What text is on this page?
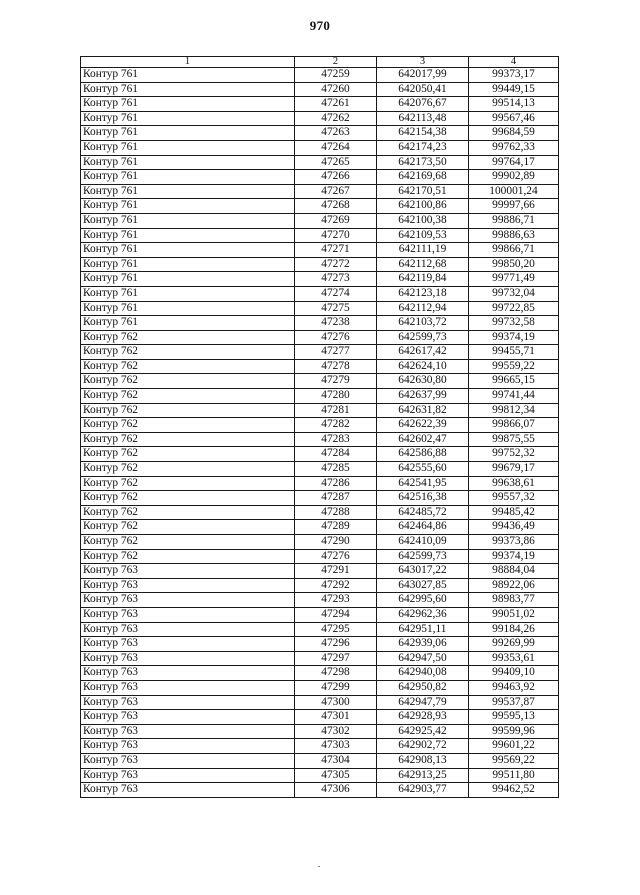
970
1	2	3	4
Контур 761	47259	642017,99	99373,17
Контур 761	47260	642050,41	99449,15
Контур 761	47261	642076,67	99514,13
Контур 761	47262	642113,48	99567,46
Контур 761	47263	642154,38	99684,59
Контур 761	47264	642174,23	99762,33
Контур 761	47265	642173,50	99764,17
Контур 761	47266	642169,68	99902,89
Контур 761	47267	642170,51	100001,24
Контур 761	47268	642100,86	99997,66
Контур 761	47269	642100,38	99886,71
Контур 761	47270	642109,53	99886,63
Контур 761	47271	642111,19	99866,71
Контур 761	47272	642112,68	99850,20
Контур 761	47273	642119,84	99771,49
Контур 761	47274	642123,18	99732,04
Контур 761	47275	642112,94	99722,85
Контур 761	47238	642103,72	99732,58
Контур 762	47276	642599,73	99374,19
Контур 762	47277	642617,42	99455,71
Контур 762	47278	642624,10	99559,22
Контур 762	47279	642630,80	99665,15
Контур 762	47280	642637,99	99741,44
Контур 762	47281	642631,82	99812,34
Контур 762	47282	642622,39	99866,07
Контур 762	47283	642602,47	99875,55
Контур 762	47284	642586,88	99752,32
Контур 762	47285	642555,60	99679,17
Контур 762	47286	642541,95	99638,61
Контур 762	47287	642516,38	99557,32
Контур 762	47288	642485,72	99485,42
Контур 762	47289	642464,86	99436,49
Контур 762	47290	642410,09	99373,86
Контур 762	47276	642599,73	99374,19
Контур 763	47291	643017,22	98884,04
Контур 763	47292	643027,85	98922,06
Контур 763	47293	642995,60	98983,77
Контур 763	47294	642962,36	99051,02
Контур 763	47295	642951,11	99184,26
Контур 763	47296	642939,06	99269,99
Контур 763	47297	642947,50	99353,61
Контур 763	47298	642940,08	99409,10
Контур 763	47299	642950,82	99463,92
Контур 763	47300	642947,79	99537,87
Контур 763	47301	642928,93	99595,13
Контур 763	47302	642925,42	99599,96
Контур 763	47303	642902,72	99601,22
Контур 763	47304	642908,13	99569,22
Контур 763	47305	642913,25	99511,80
Контур 763	47306	642903,77	99462,52
